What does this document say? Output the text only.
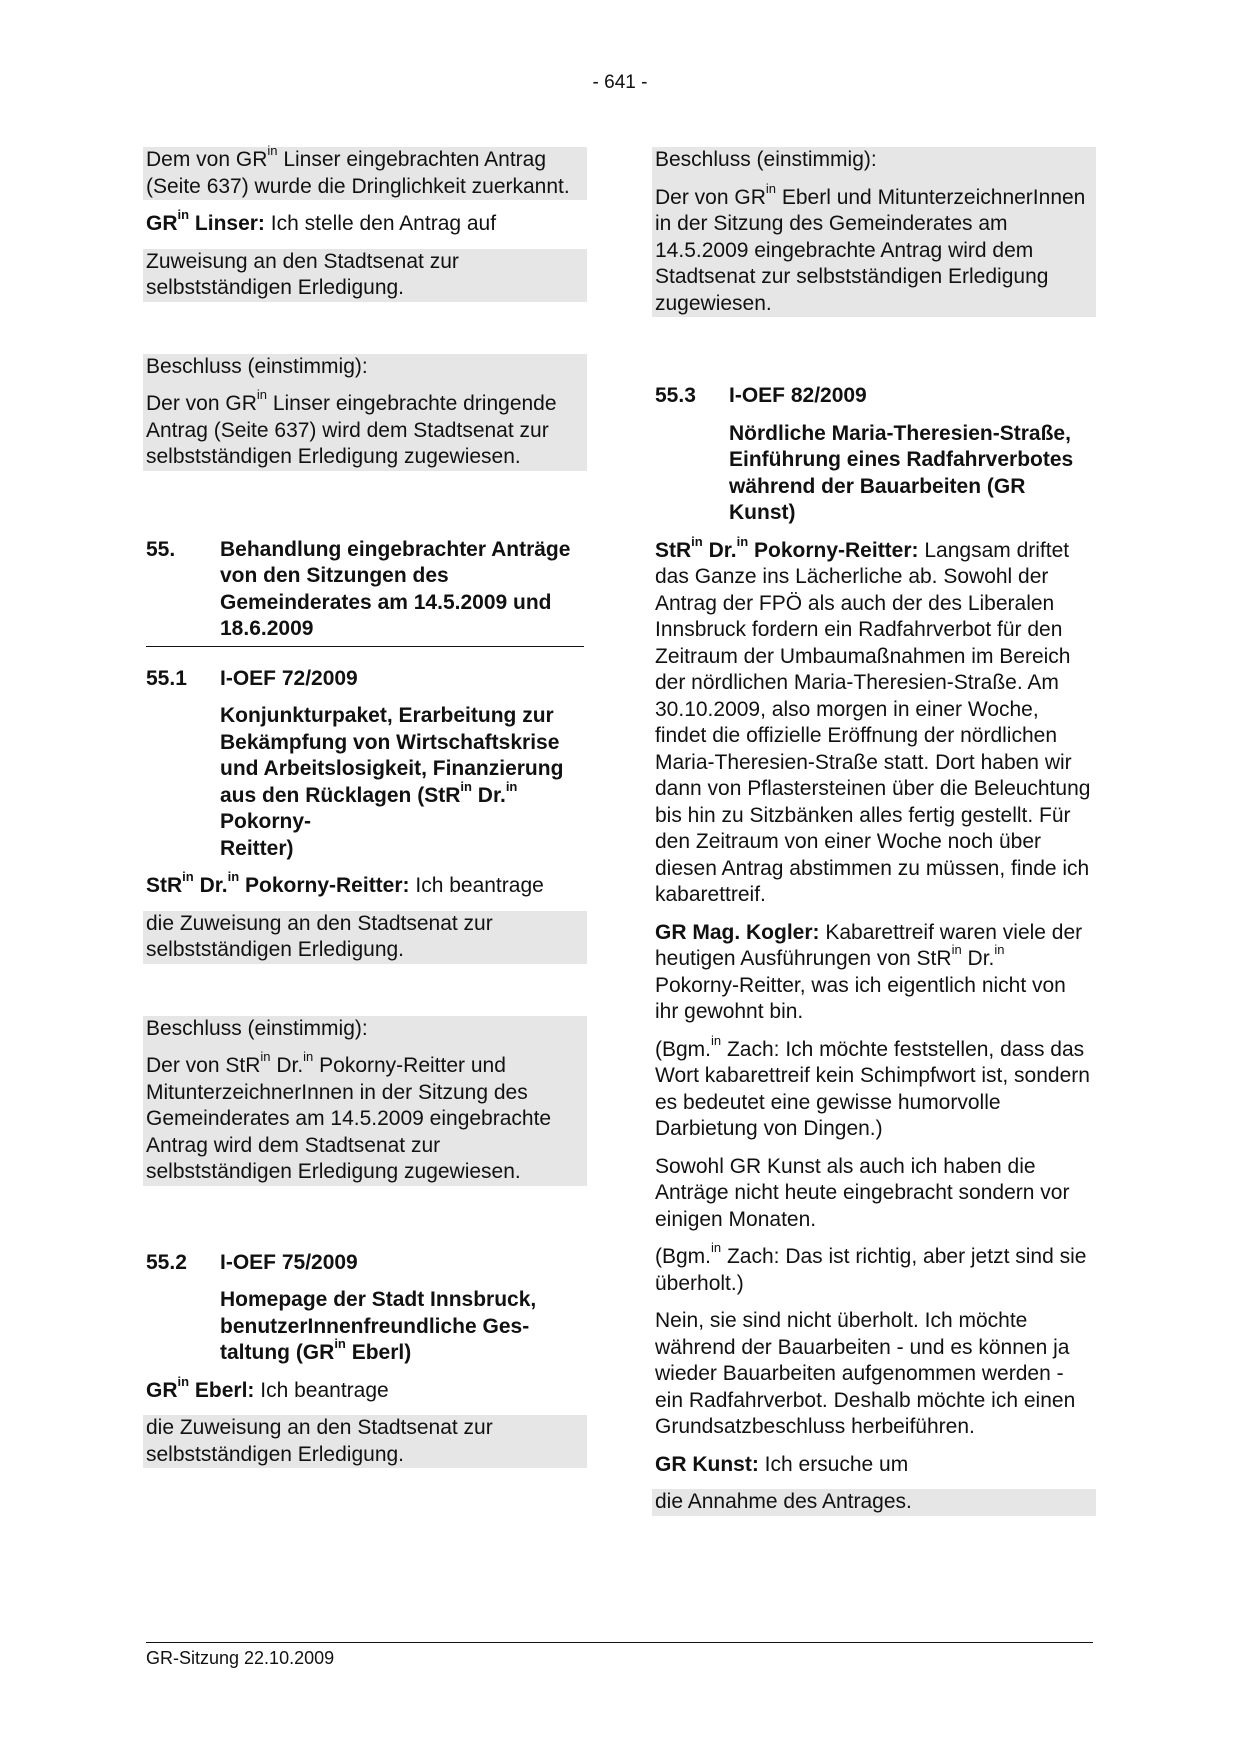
- 641 -

Dem von $GR^{in}$ Linser eingebrachten Antrag (Seite 637) wurde die Dringlichkeit zuerkannt.

$GR^{in}$ Linser: Ich stelle den Antrag auf

Zuweisung an den Stadtsenat zur selbstständigen Erledigung.

Beschluss (einstimmig):

Der von $GR^{in}$ Linser eingebrachte dringende Antrag (Seite 637) wird dem Stadtsenat zur selbstständigen Erledigung zugewiesen.

55.	Behandlung eingebrachter Anträge von den Sitzungen des Gemeinderates am 14.5.2009 und 18.6.2009
55.1	I-OEF 72/2009
Konjunkturpaket, Erarbeitung zur Bekämpfung von Wirtschaftskrise und Arbeitslosigkeit, Finanzierung aus den Rücklagen (StR$^{in}$ Dr.$^{in}$ Pokorny-
Reitter)

StR$^{in}$ Dr.$^{in}$ Pokorny-Reitter: Ich beantrage

die Zuweisung an den Stadtsenat zur selbstständigen Erledigung.

Beschluss (einstimmig):

Der von StR$^{in}$ Dr.$^{in}$ Pokorny-Reitter und MitunterzeichnerInnen in der Sitzung des Gemeinderates am 14.5.2009 eingebrachte Antrag wird dem Stadtsenat zur selbstständigen Erledigung zugewiesen.

55.2	I-OEF 75/2009
Homepage der Stadt Innsbruck, benutzerInnenfreundliche Gestaltung ($GR^{in}$ Eberl)

$GR^{in}$ Eberl: Ich beantrage

die Zuweisung an den Stadtsenat zur selbstständigen Erledigung.

Beschluss (einstimmig):

Der von $GR^{in}$ Eberl und MitunterzeichnerInnen in der Sitzung des Gemeinderates am 14.5.2009 eingebrachte Antrag wird dem Stadtsenat zur selbstständigen Erledigung zugewiesen.

55.3	I-OEF 82/2009
Nördliche Maria-Theresien-Straße, Einführung eines Radfahrverbotes während der Bauarbeiten (GR Kunst)

StR$^{in}$ Dr.$^{in}$ Pokorny-Reitter: Langsam driftet das Ganze ins Lächerliche ab. Sowohl der Antrag der FPÖ als auch der des Liberalen Innsbruck fordern ein Radfahrverbot für den Zeitraum der Umbaumaßnahmen im Bereich der nördlichen Maria-Theresien-Straße. Am 30.10.2009, also morgen in einer Woche, findet die offizielle Eröffnung der nördlichen Maria-Theresien-Straße statt. Dort haben wir dann von Pflastersteinen über die Beleuchtung bis hin zu Sitzbänken alles fertig gestellt. Für den Zeitraum von einer Woche noch über diesen Antrag abstimmen zu müssen, finde ich kabarettreif.

GR Mag. Kogler: Kabarettreif waren viele der heutigen Ausführungen von StR$^{in}$ Dr.$^{in}$ Pokorny-Reitter, was ich eigentlich nicht von ihr gewohnt bin.

(Bgm.$^{in}$ Zach: Ich möchte feststellen, dass das Wort kabarettreif kein Schimpfwort ist, sondern es bedeutet eine gewisse humorvolle Darbietung von Dingen.)

Sowohl GR Kunst als auch ich haben die Anträge nicht heute eingebracht sondern vor einigen Monaten.

(Bgm.$^{in}$ Zach: Das ist richtig, aber jetzt sind sie überholt.)

Nein, sie sind nicht überholt. Ich möchte während der Bauarbeiten - und es können ja wieder Bauarbeiten aufgenommen werden - ein Radfahrverbot. Deshalb möchte ich einen Grundsatzbeschluss herbeiführen.

GR Kunst: Ich ersuche um

die Annahme des Antrages.

GR-Sitzung 22.10.2009
